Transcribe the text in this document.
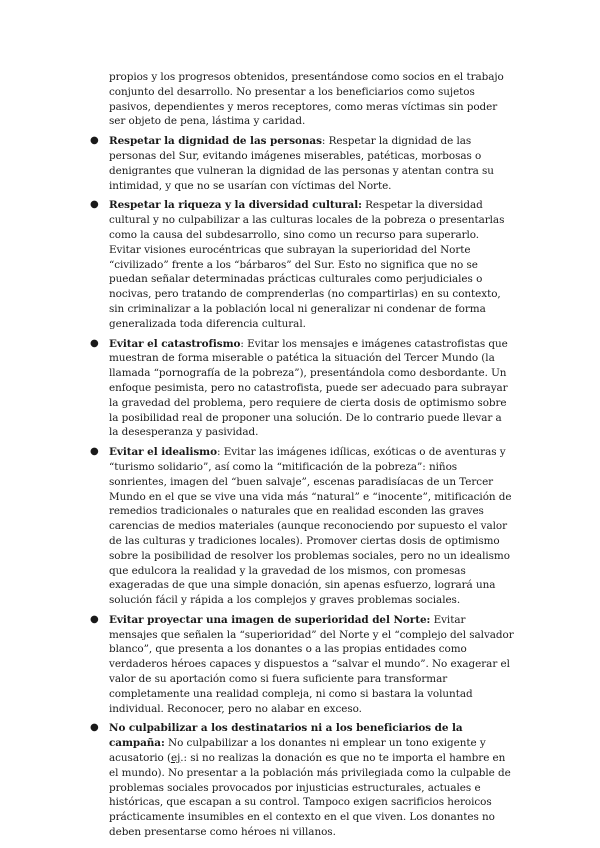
propios y los progresos obtenidos, presentándose como socios en el trabajo conjunto del desarrollo. No presentar a los beneficiarios como sujetos pasivos, dependientes y meros receptores, como meras víctimas sin poder ser objeto de pena, lástima y caridad.

● Respetar la dignidad de las personas: Respetar la dignidad de las personas del Sur, evitando imágenes miserables, patéticas, morbosas o denigrantes que vulneran la dignidad de las personas y atentan contra su intimidad, y que no se usarían con víctimas del Norte.
● Respetar la riqueza y la diversidad cultural: Respetar la diversidad cultural y no culpabilizar a las culturas locales de la pobreza o presentarlas como la causa del subdesarrollo, sino como un recurso para superarlo. Evitar visiones eurocéntricas que subrayan la superioridad del Norte “civilizado” frente a los “bárbaros” del Sur. Esto no significa que no se puedan señalar determinadas prácticas culturales como perjudiciales o nocivas, pero tratando de comprenderlas (no compartirlas) en su contexto, sin criminalizar a la población local ni generalizar ni condenar de forma generalizada toda diferencia cultural.
● Evitar el catastrofismo: Evitar los mensajes e imágenes catastrofistas que muestran de forma miserable o patética la situación del Tercer Mundo (la llamada “pornografía de la pobreza”), presentándola como desbordante. Un enfoque pesimista, pero no catastrofista, puede ser adecuado para subrayar la gravedad del problema, pero requiere de cierta dosis de optimismo sobre la posibilidad real de proponer una solución. De lo contrario puede llevar a la desesperanza y pasividad.
● Evitar el idealismo: Evitar las imágenes idílicas, exóticas o de aventuras y “turismo solidario”, así como la “mitificación de la pobreza”: niños sonrientes, imagen del “buen salvaje”, escenas paradisíacas de un Tercer Mundo en el que se vive una vida más “natural” e “inocente”, mitificación de remedios tradicionales o naturales que en realidad esconden las graves carencias de medios materiales (aunque reconociendo por supuesto el valor de las culturas y tradiciones locales). Promover ciertas dosis de optimismo sobre la posibilidad de resolver los problemas sociales, pero no un idealismo que edulcora la realidad y la gravedad de los mismos, con promesas exageradas de que una simple donación, sin apenas esfuerzo, logrará una solución fácil y rápida a los complejos y graves problemas sociales.
● Evitar proyectar una imagen de superioridad del Norte: Evitar mensajes que señalen la “superioridad” del Norte y el “complejo del salvador blanco”, que presenta a los donantes o a las propias entidades como verdaderos héroes capaces y dispuestos a “salvar el mundo”. No exagerar el valor de su aportación como si fuera suficiente para transformar completamente una realidad compleja, ni como si bastara la voluntad individual. Reconocer, pero no alabar en exceso.
● No culpabilizar a los destinatarios ni a los beneficiarios de la campaña: No culpabilizar a los donantes ni emplear un tono exigente y acusatorio (ej.: si no realizas la donación es que no te importa el hambre en el mundo). No presentar a la población más privilegiada como la culpable de problemas sociales provocados por injusticias estructurales, actuales e históricas, que escapan a su control. Tampoco exigen sacrificios heroicos prácticamente insumibles en el contexto en el que viven. Los donantes no deben presentarse como héroes ni villanos.
